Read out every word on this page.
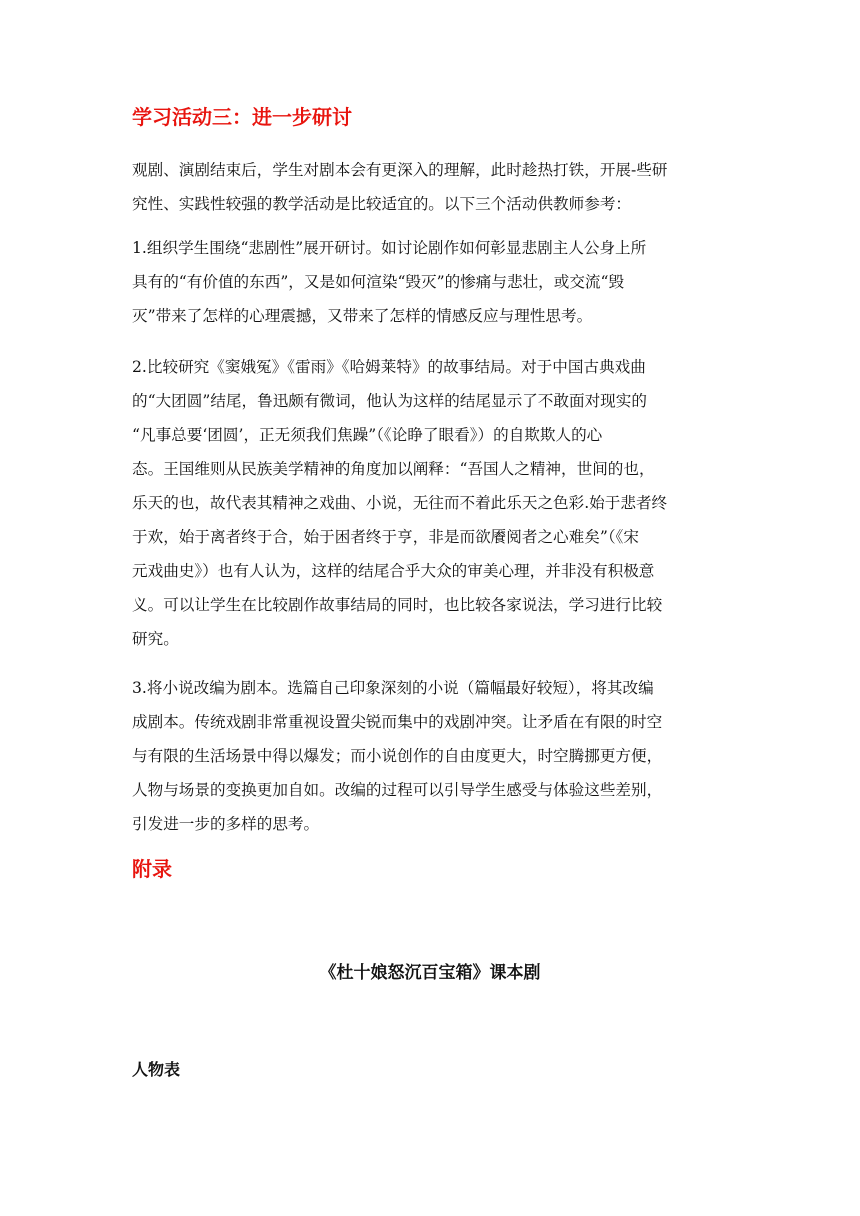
学习活动三：进一步研讨

观剧、演剧结束后，学生对剧本会有更深入的理解，此时趁热打铁，开展-些研
究性、实践性较强的教学活动是比较适宜的。以下三个活动供教师参考：

1.组织学生围绕“悲剧性”展开研讨。如讨论剧作如何彰显悲剧主人公身上所
具有的“有价值的东西”，又是如何渲染“毁灭”的惨痛与悲壮，或交流“毁
灭”带来了怎样的心理震撼，又带来了怎样的情感反应与理性思考。

2.比较研究《窦娥冤》《雷雨》《哈姆莱特》的故事结局。对于中国古典戏曲
的“大团圆”结尾，鲁迅颇有微词，他认为这样的结尾显示了不敢面对现实的
“凡事总要‘团圆’，正无须我们焦躁”（《论睁了眼看》）的自欺欺人的心
态。王国维则从民族美学精神的角度加以阐释：“吾国人之精神，世间的也，
乐天的也，故代表其精神之戏曲、小说，无往而不着此乐天之色彩.始于悲者终
于欢，始于离者终于合，始于困者终于亨，非是而欲餍阅者之心难矣”（《宋
元戏曲史》）也有人认为，这样的结尾合乎大众的审美心理，并非没有积极意
义。可以让学生在比较剧作故事结局的同时，也比较各家说法，学习进行比较
研究。

3.将小说改编为剧本。选篇自己印象深刻的小说（篇幅最好较短），将其改编
成剧本。传统戏剧非常重视设置尖锐而集中的戏剧冲突。让矛盾在有限的时空
与有限的生活场景中得以爆发；而小说创作的自由度更大，时空腾挪更方便，
人物与场景的变换更加自如。改编的过程可以引导学生感受与体验这些差别，
引发进一步的多样的思考。

附录
《杜十娘怒沉百宝箱》课本剧
人物表
